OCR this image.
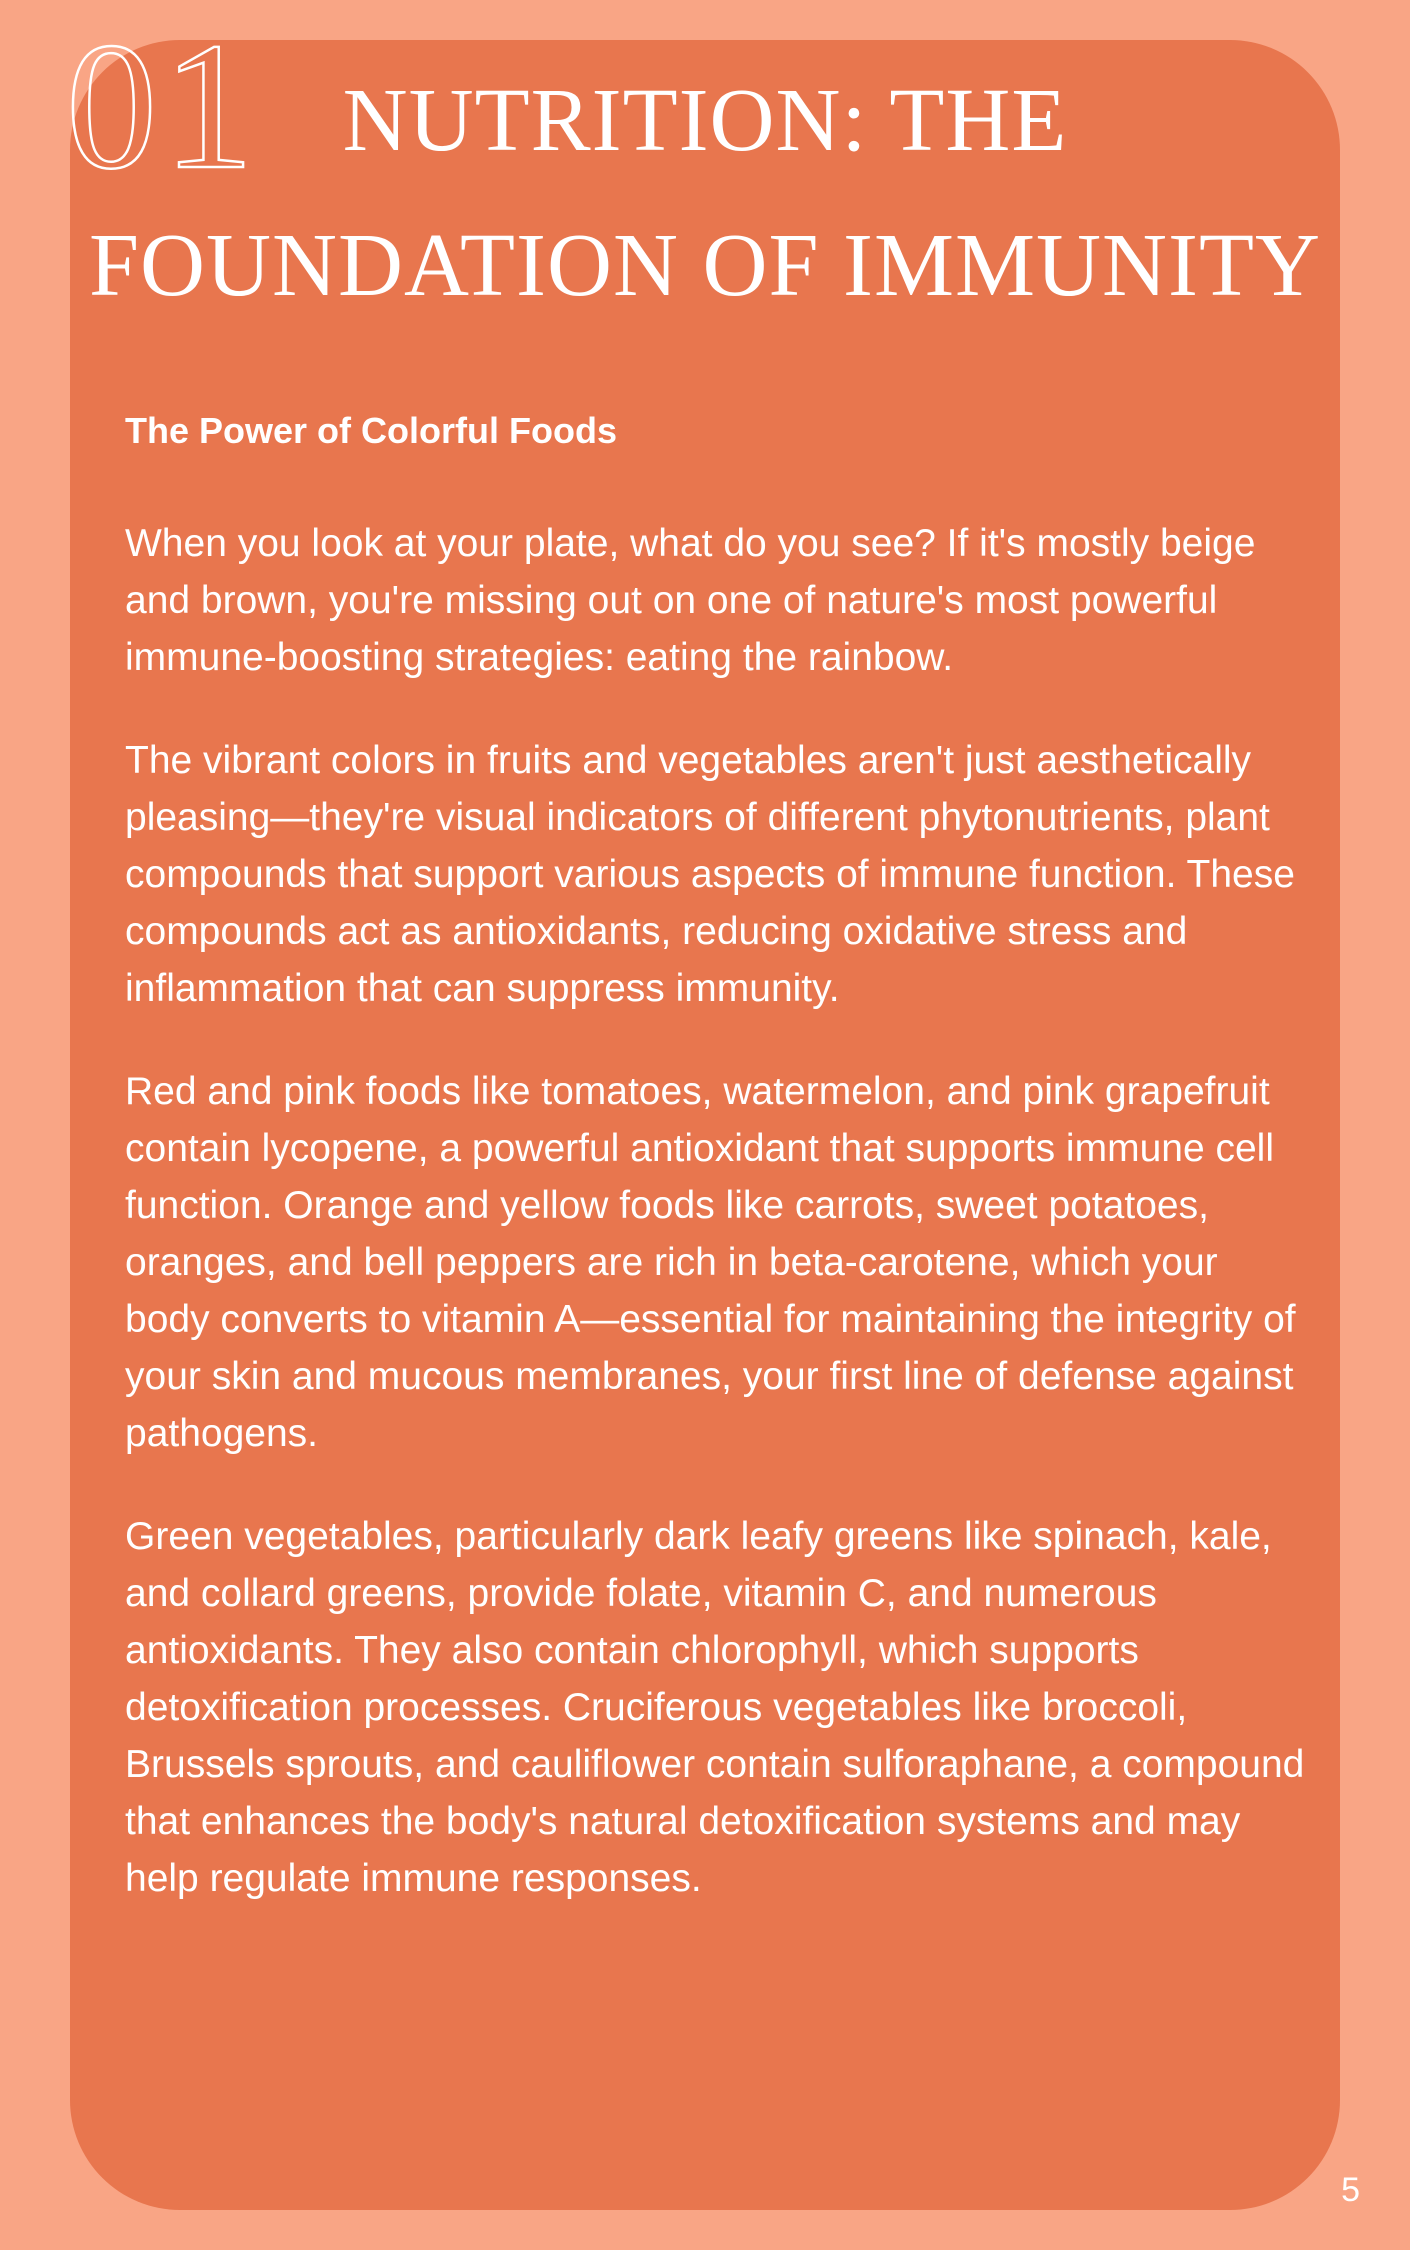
01 NUTRITION: THE
FOUNDATION OF IMMUNITY
The Power of Colorful Foods

When you look at your plate, what do you see? If it's mostly beige and brown, you're missing out on one of nature's most powerful immune-boosting strategies: eating the rainbow.

The vibrant colors in fruits and vegetables aren't just aesthetically pleasing—they're visual indicators of different phytonutrients, plant compounds that support various aspects of immune function. These compounds act as antioxidants, reducing oxidative stress and inflammation that can suppress immunity.

Red and pink foods like tomatoes, watermelon, and pink grapefruit contain lycopene, a powerful antioxidant that supports immune cell function. Orange and yellow foods like carrots, sweet potatoes, oranges, and bell peppers are rich in beta-carotene, which your body converts to vitamin A—essential for maintaining the integrity of your skin and mucous membranes, your first line of defense against pathogens.

Green vegetables, particularly dark leafy greens like spinach, kale, and collard greens, provide folate, vitamin C, and numerous antioxidants. They also contain chlorophyll, which supports detoxification processes. Cruciferous vegetables like broccoli, Brussels sprouts, and cauliflower contain sulforaphane, a compound that enhances the body's natural detoxification systems and may help regulate immune responses.

5
